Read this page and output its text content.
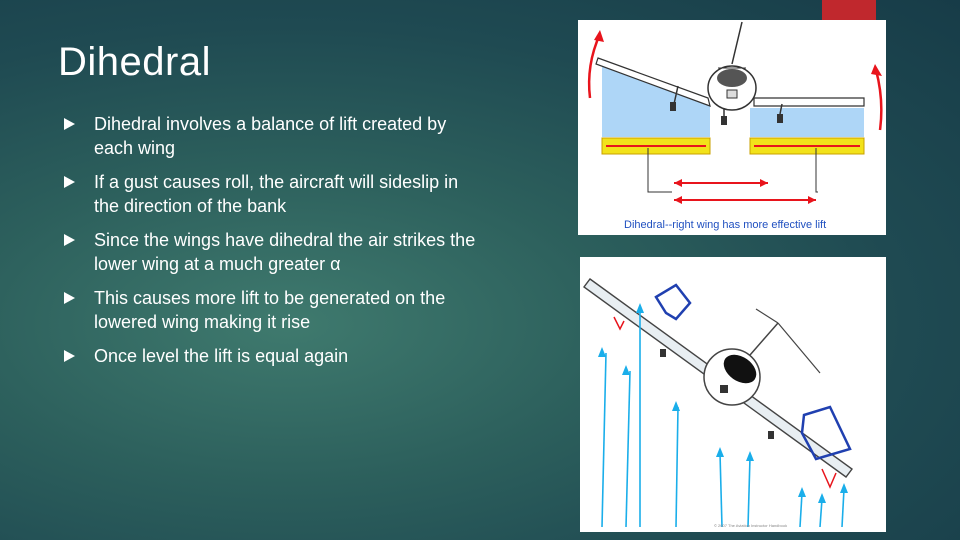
Dihedral
Dihedral involves a balance of lift created by each wing
If a gust causes roll, the aircraft will sideslip in the direction of the bank
Since the wings have dihedral the air strikes the lower wing at a much greater α
This causes more lift to be generated on the lowered wing making it rise
Once level the lift is equal again
Dihedral--right wing has more effective lift
© 2007 The Aviation Instructor Handbook
